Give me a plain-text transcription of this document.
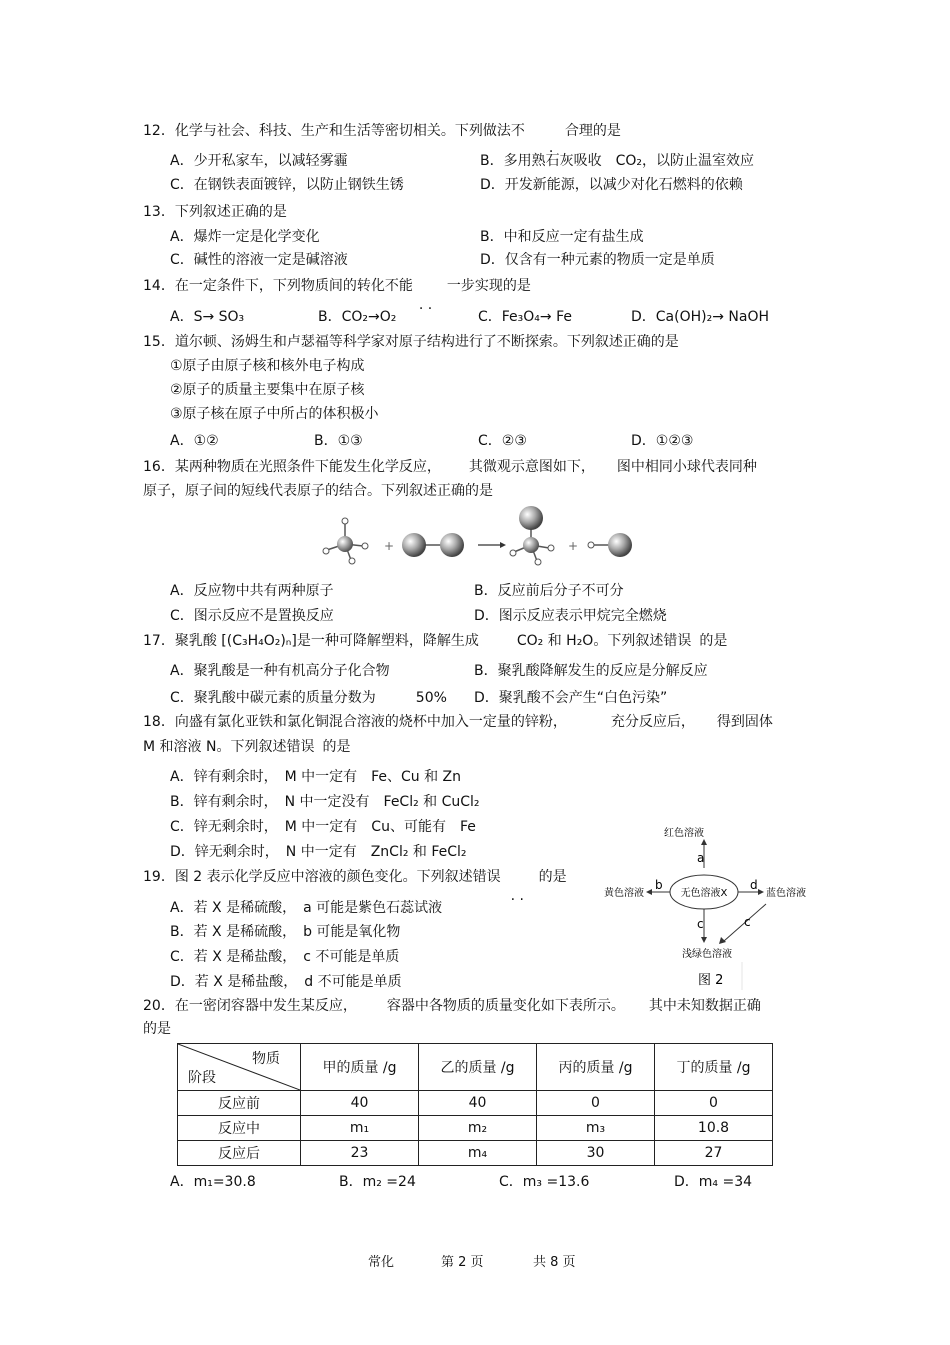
12．化学与社会、科技、生产和生活等密切相关。下列做法不
.
合理的是
A．少开私家车，以减轻雾霾	B．多用熟石灰吸收　CO₂，以防止温室效应
C．在钢铁表面镀锌，以防止钢铁生锈	D．开发新能源，以减少对化石燃料的依赖
13．下列叙述正确的是
A．爆炸一定是化学变化	B．中和反应一定有盐生成
C．碱性的溶液一定是碱溶液	D．仅含有一种元素的物质一定是单质
14．在一定条件下，下列物质间的转化不能
. .
一步实现的是
A．S→ SO₃	B．CO₂→O₂	C．Fe₃O₄→ Fe	D．Ca(OH)₂→ NaOH
15．道尔顿、汤姆生和卢瑟福等科学家对原子结构进行了不断探索。下列叙述正确的是
①原子由原子核和核外电子构成
②原子的质量主要集中在原子核
③原子核在原子中所占的体积极小
A．①②	B．①③	C．②③	D．①②③
16．某两种物质在光照条件下能发生化学反应， 其微观示意图如下， 图中相同小球代表同种
原子，原子间的短线代表原子的结合。下列叙述正确的是
+	+
A．反应物中共有两种原子	B．反应前后分子不可分
C．图示反应不是置换反应	D．图示反应表示甲烷完全燃烧
17．聚乳酸 [(C₃H₄O₂)ₙ]是一种可降解塑料，降解生成	CO₂ 和 H₂O。下列叙述错误 的是
A．聚乳酸是一种有机高分子化合物	B．聚乳酸降解发生的反应是分解反应
C．聚乳酸中碳元素的质量分数为	50% D．聚乳酸不会产生“白色污染”
18．向盛有氯化亚铁和氯化铜混合溶液的烧杯中加入一定量的锌粉，	充分反应后， 得到固体
M 和溶液 N。下列叙述错误 的是
A．锌有剩余时，　M 中一定有　Fe、Cu 和 Zn
B．锌有剩余时，　N 中一定没有　FeCl₂ 和 CuCl₂
C．锌无剩余时，　M 中一定有　Cu、可能有　Fe
D．锌无剩余时，　N 中一定有　ZnCl₂ 和 FeCl₂
19．图 2 表示化学反应中溶液的颜色变化。下列叙述错误
. .
的是
A．若 X 是稀硫酸，　a 可能是紫色石蕊试液
B．若 X 是稀硫酸，　b 可能是氧化物
C．若 X 是稀盐酸，　c 不可能是单质
D．若 X 是稀盐酸，　d 不可能是单质
红色溶液
a
无色溶液X
b
黄色溶液
d
蓝色溶液
c	c
浅绿色溶液
图 2
20．在一密闭容器中发生某反应， 容器中各物质的质量变化如下表所示。 其中未知数据正确
的是
物质
阶段	甲的质量 /g	乙的质量 /g	丙的质量 /g	丁的质量 /g
反应前	40	40	0	0
反应中	m₁	m₂	m₃	10.8
反应后	23	m₄	30	27
A．m₁=30.8	B．m₂ =24	C．m₃ =13.6	D．m₄ =34
常化	第 2 页	共 8 页
